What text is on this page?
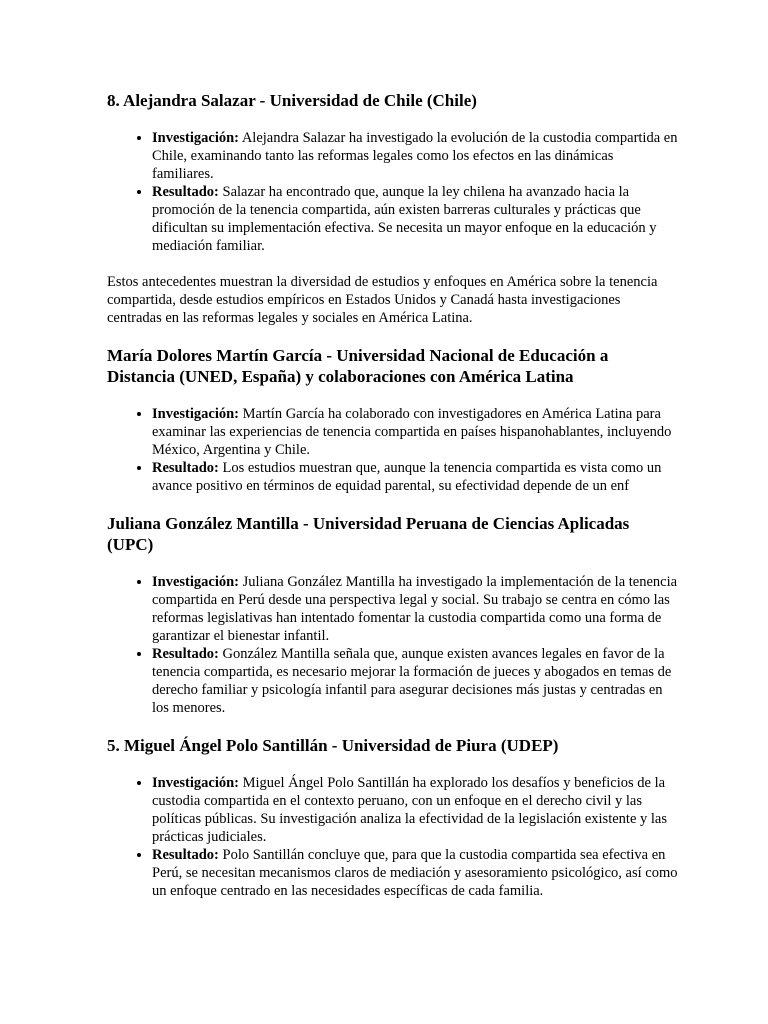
8. Alejandra Salazar - Universidad de Chile (Chile)
• Investigación: Alejandra Salazar ha investigado la evolución de la custodia compartida en Chile, examinando tanto las reformas legales como los efectos en las dinámicas familiares.
• Resultado: Salazar ha encontrado que, aunque la ley chilena ha avanzado hacia la promoción de la tenencia compartida, aún existen barreras culturales y prácticas que dificultan su implementación efectiva. Se necesita un mayor enfoque en la educación y mediación familiar.

Estos antecedentes muestran la diversidad de estudios y enfoques en América sobre la tenencia compartida, desde estudios empíricos en Estados Unidos y Canadá hasta investigaciones centradas en las reformas legales y sociales en América Latina.

María Dolores Martín García - Universidad Nacional de Educación a Distancia (UNED, España) y colaboraciones con América Latina
• Investigación: Martín García ha colaborado con investigadores en América Latina para examinar las experiencias de tenencia compartida en países hispanohablantes, incluyendo México, Argentina y Chile.
• Resultado: Los estudios muestran que, aunque la tenencia compartida es vista como un avance positivo en términos de equidad parental, su efectividad depende de un enf
Juliana González Mantilla - Universidad Peruana de Ciencias Aplicadas (UPC)
• Investigación: Juliana González Mantilla ha investigado la implementación de la tenencia compartida en Perú desde una perspectiva legal y social. Su trabajo se centra en cómo las reformas legislativas han intentado fomentar la custodia compartida como una forma de garantizar el bienestar infantil.
• Resultado: González Mantilla señala que, aunque existen avances legales en favor de la tenencia compartida, es necesario mejorar la formación de jueces y abogados en temas de derecho familiar y psicología infantil para asegurar decisiones más justas y centradas en los menores.
5. Miguel Ángel Polo Santillán - Universidad de Piura (UDEP)
• Investigación: Miguel Ángel Polo Santillán ha explorado los desafíos y beneficios de la custodia compartida en el contexto peruano, con un enfoque en el derecho civil y las políticas públicas. Su investigación analiza la efectividad de la legislación existente y las prácticas judiciales.
• Resultado: Polo Santillán concluye que, para que la custodia compartida sea efectiva en Perú, se necesitan mecanismos claros de mediación y asesoramiento psicológico, así como un enfoque centrado en las necesidades específicas de cada familia.
